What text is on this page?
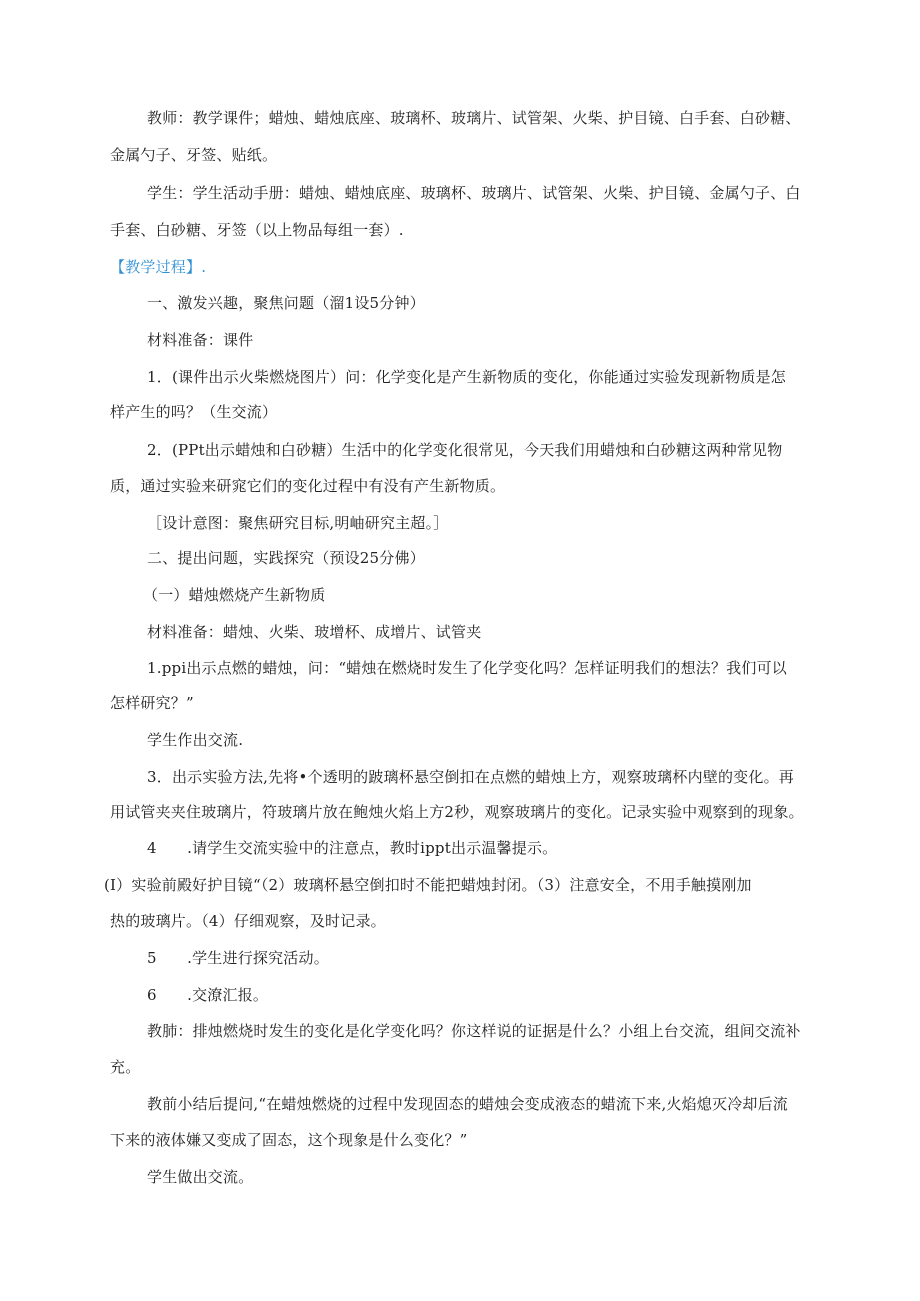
教师：教学课件；蜡烛、蜡烛底座、玻璃杯、玻璃片、试管架、火柴、护目镜、白手套、白砂糖、
金属勺子、牙签、贴纸。
学生：学生活动手册：蜡烛、蜡烛底座、玻璃杯、玻璃片、试管架、火柴、护目镜、金属勺子、白
手套、白砂糖、牙签（以上物品每组一套）.
【教学过程】.
一、激发兴趣，聚焦问题（溜1设5分钟）
材料准备：课件
1．(课件出示火柴燃烧图片）问：化学变化是产生新物质的变化，你能通过实验发现新物质是怎
样产生的吗？（生交流）
2．(PPt出示蜡烛和白砂糖）生活中的化学变化很常见，今天我们用蜡烛和白砂糖这两种常见物
质，通过实验来研窕它们的变化过程中有没有产生新物质。
［设计意图：聚焦研究目标,明岫研究主超。］
二、提出问题，实践探究（预设25分佛）
（一）蜡烛燃烧产生新物质
材料准备：蜡烛、火柴、玻增杯、成增片、试管夹
1.ppi出示点燃的蜡烛，问：“蜡烛在燃烧时发生了化学变化吗？怎样证明我们的想法？我们可以
怎样研究？”
学生作出交流.
3．出示实验方法,先将•个透明的跛璃杯悬空倒扣在点燃的蜡烛上方，观察玻璃杯内壁的变化。再
用试管夹夹住玻璃片，符玻璃片放在鲍烛火焰上方2秒，观察玻璃片的变化。记录实验中观察到的现象。
4　　.请学生交流实验中的注意点，教时ippt出示温馨提示。
(I）实验前殿好护目镜“（2）玻璃杯悬空倒扣时不能把蜡烛封闭。（3）注意安全，不用手触摸刚加
热的玻璃片。（4）仔细观察，及时记录。
5　　.学生进行探究活动。
6　　.交潦汇报。
教肺：排烛燃烧时发生的变化是化学变化吗？你这样说的证据是什么？小组上台交流，组间交流补
充。
教前小结后提问,“在蜡烛燃烧的过程中发现固态的蜡烛会变成液态的蜡流下来,火焰熄灭冷却后流
下来的液体嫌又变成了固态，这个现象是什么变化？”
学生做出交流。
